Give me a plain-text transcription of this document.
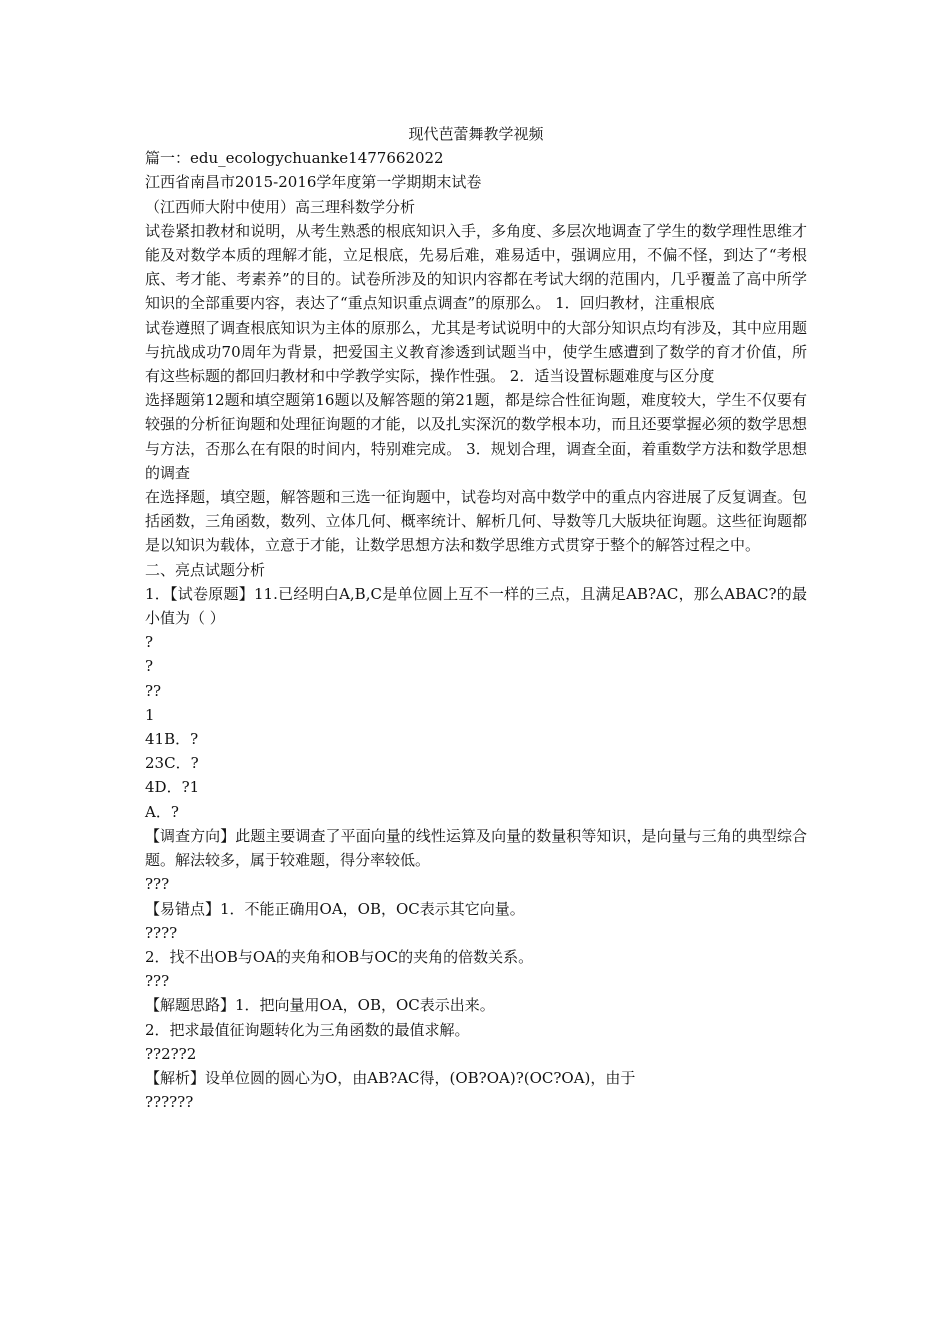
现代芭蕾舞教学视频

篇一：edu_ecologychuanke1477662022

江西省南昌市2015-2016学年度第一学期期末试卷

（江西师大附中使用）高三理科数学分析

试卷紧扣教材和说明，从考生熟悉的根底知识入手，多角度、多层次地调查了学生的数学理性思维才能及对数学本质的理解才能，立足根底，先易后难，难易适中，强调应用，不偏不怪，到达了“考根底、考才能、考素养”的目的。试卷所涉及的知识内容都在考试大纲的范围内，几乎覆盖了高中所学知识的全部重要内容，表达了“重点知识重点调查”的原那么。 1．回归教材，注重根底

试卷遵照了调查根底知识为主体的原那么，尤其是考试说明中的大部分知识点均有涉及，其中应用题与抗战成功70周年为背景，把爱国主义教育渗透到试题当中，使学生感遭到了数学的育才价值，所有这些标题的都回归教材和中学教学实际，操作性强。 2．适当设置标题难度与区分度

选择题第12题和填空题第16题以及解答题的第21题，都是综合性征询题，难度较大，学生不仅要有较强的分析征询题和处理征询题的才能，以及扎实深沉的数学根本功，而且还要掌握必须的数学思想与方法，否那么在有限的时间内，特别难完成。 3．规划合理，调查全面，着重数学方法和数学思想的调查

在选择题，填空题，解答题和三选一征询题中，试卷均对高中数学中的重点内容进展了反复调查。包括函数，三角函数，数列、立体几何、概率统计、解析几何、导数等几大版块征询题。这些征询题都是以知识为载体，立意于才能，让数学思想方法和数学思维方式贯穿于整个的解答过程之中。

二、亮点试题分析

1．【试卷原题】11.已经明白A,B,C是单位圆上互不一样的三点，且满足AB?AC，那么ABAC?的最小值为（ ）

?

?

??

1

41B．?

23C．?

4D．?1

A．?

【调查方向】此题主要调查了平面向量的线性运算及向量的数量积等知识，是向量与三角的典型综合题。解法较多，属于较难题，得分率较低。

???

【易错点】1．不能正确用OA，OB，OC表示其它向量。

????

2．找不出OB与OA的夹角和OB与OC的夹角的倍数关系。

???

【解题思路】1．把向量用OA，OB，OC表示出来。

2．把求最值征询题转化为三角函数的最值求解。

??2??2

【解析】设单位圆的圆心为O，由AB?AC得，(OB?OA)?(OC?OA)，由于

??????
